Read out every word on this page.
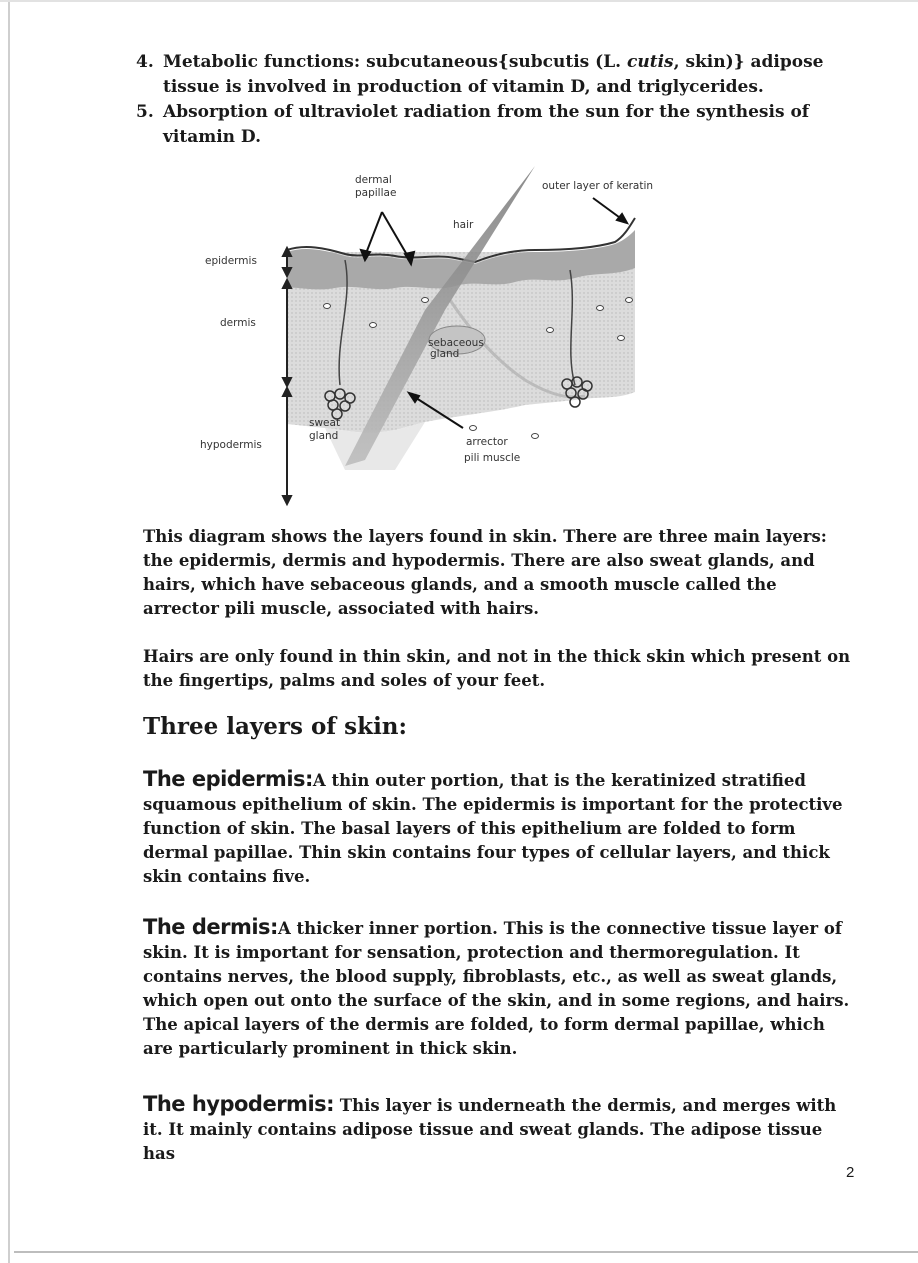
4. Metabolic functions: subcutaneous{subcutis (L. cutis, skin)} adipose tissue is involved in production of vitamin D, and triglycerides.
5. Absorption of ultraviolet radiation from the sun for the synthesis of vitamin D.
dermal
papillae
outer layer of keratin
hair
epidermis
dermis
hypodermis
sebaceous
gland
sweat
gland	arrector
pili muscle

This diagram shows the layers found in skin. There are three main layers: the epidermis, dermis and hypodermis. There are also sweat glands, and hairs, which have sebaceous glands, and a smooth muscle called the arrector pili muscle, associated with hairs.

Hairs are only found in thin skin, and not in the thick skin which present on the fingertips, palms and soles of your feet.

Three layers of skin:

The epidermis:A thin outer portion, that is the keratinized stratified squamous epithelium of skin. The epidermis is important for the protective function of skin. The basal layers of this epithelium are folded to form dermal papillae. Thin skin contains four types of cellular layers, and thick skin contains five.

The dermis:A thicker inner portion. This is the connective tissue layer of skin. It is important for sensation, protection and thermoregulation. It contains nerves, the blood supply, fibroblasts, etc., as well as sweat glands, which open out onto the surface of the skin, and in some regions, and hairs. The apical layers of the dermis are folded, to form dermal papillae, which are particularly prominent in thick skin.

The hypodermis: This layer is underneath the dermis, and merges with it. It mainly contains adipose tissue and sweat glands. The adipose tissue has

2
